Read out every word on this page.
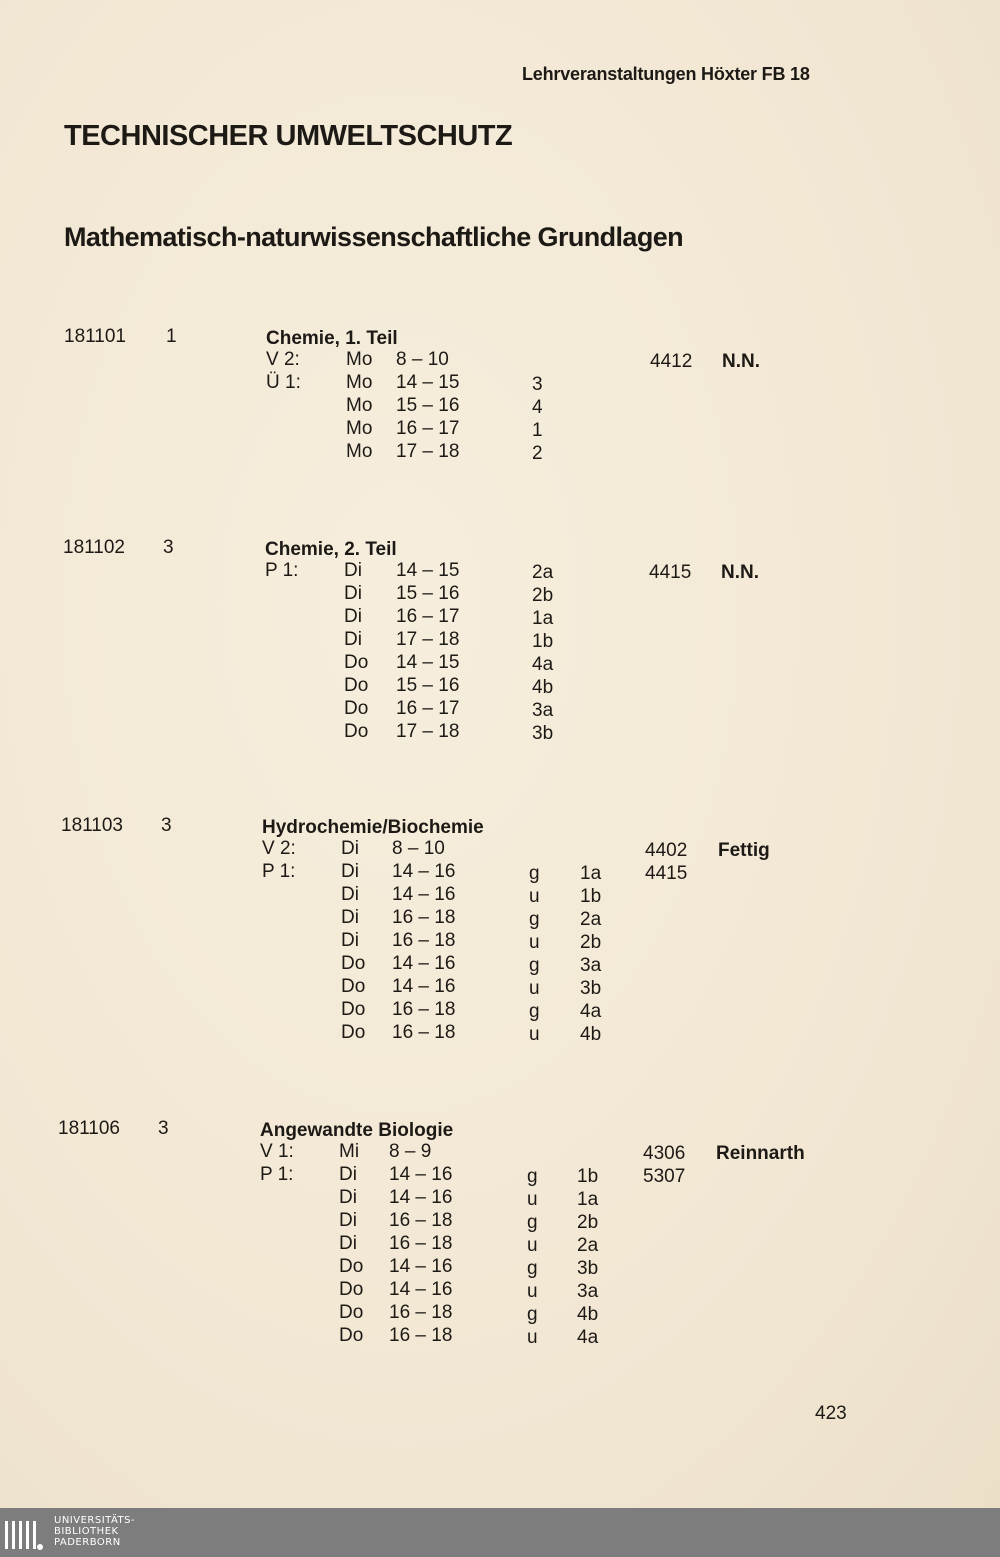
Lehrveranstaltungen Höxter FB 18
TECHNISCHER UMWELTSCHUTZ
Mathematisch-naturwissenschaftliche Grundlagen
181101 1	Chemie, 1. Teil
V 2: Mo 8 – 10	4412 N.N.
Ü 1: Mo 14 – 15	3
Mo 15 – 16	4
Mo 16 – 17	1
Mo 17 – 18	2
181102 3	Chemie, 2. Teil
P 1: Di 14 – 15	2a	4415 N.N.
Di 15 – 16	2b
Di 16 – 17	1a
Di 17 – 18	1b
Do 14 – 15	4a
Do 15 – 16	4b
Do 16 – 17	3a
Do 17 – 18	3b
181103 3	Hydrochemie/Biochemie
V 2: Di 8 – 10	4402 Fettig
P 1: Di 14 – 16	g 1a 4415
Di 14 – 16	u 1b
Di 16 – 18	g 2a
Di 16 – 18	u 2b
Do 14 – 16	g 3a
Do 14 – 16	u 3b
Do 16 – 18	g 4a
Do 16 – 18	u 4b
181106 3	Angewandte Biologie
V 1: Mi 8 – 9	4306 Reinnarth
P 1: Di 14 – 16	g 1b 5307
Di 14 – 16	u 1a
Di 16 – 18	g 2b
Di 16 – 18	u 2a
Do 14 – 16	g 3b
Do 14 – 16	u 3a
Do 16 – 18	g 4b
Do 16 – 18	u 4a
423
UNIVERSITÄTS-
BIBLIOTHEK
PADERBORN
